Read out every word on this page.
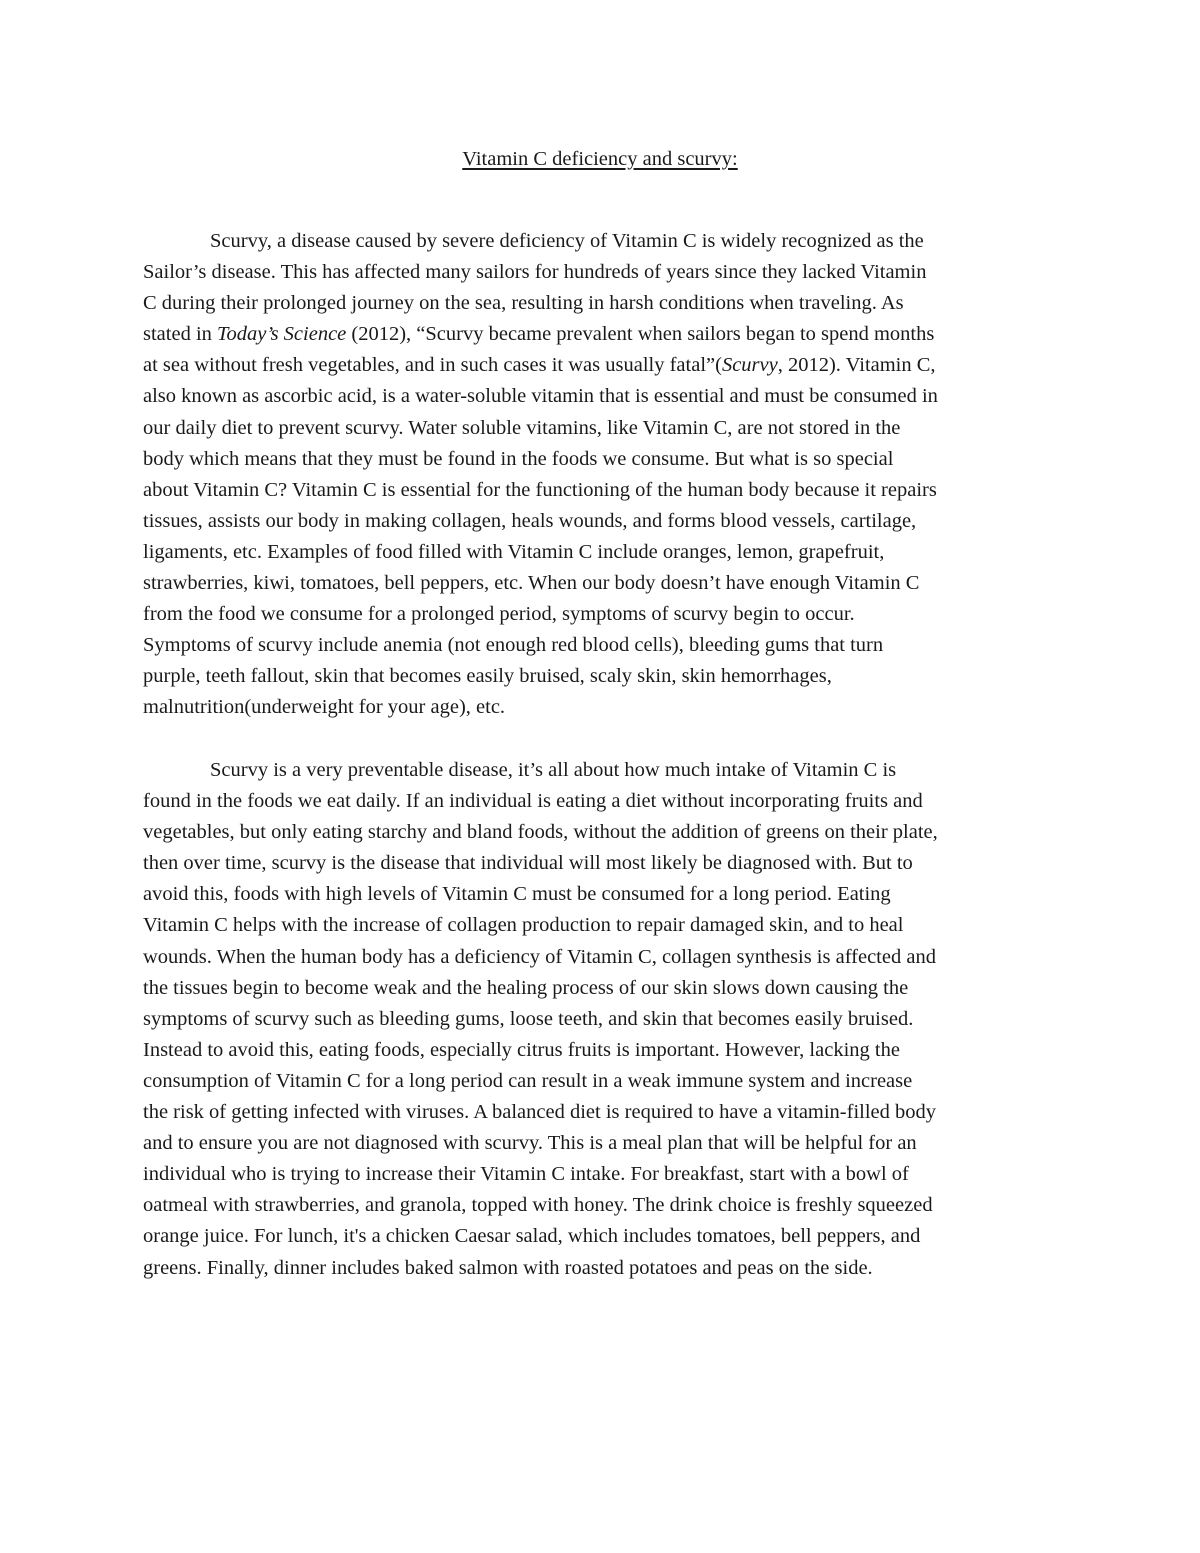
Vitamin C deficiency and scurvy:
Scurvy, a disease caused by severe deficiency of Vitamin C is widely recognized as the
Sailor’s disease. This has affected many sailors for hundreds of years since they lacked Vitamin
C during their prolonged journey on the sea, resulting in harsh conditions when traveling. As
stated in Today’s Science (2012), “Scurvy became prevalent when sailors began to spend months
at sea without fresh vegetables, and in such cases it was usually fatal”(Scurvy, 2012). Vitamin C,
also known as ascorbic acid, is a water-soluble vitamin that is essential and must be consumed in
our daily diet to prevent scurvy. Water soluble vitamins, like Vitamin C, are not stored in the
body which means that they must be found in the foods we consume. But what is so special
about Vitamin C? Vitamin C is essential for the functioning of the human body because it repairs
tissues, assists our body in making collagen, heals wounds, and forms blood vessels, cartilage,
ligaments, etc. Examples of food filled with Vitamin C include oranges, lemon, grapefruit,
strawberries, kiwi, tomatoes, bell peppers, etc. When our body doesn’t have enough Vitamin C
from the food we consume for a prolonged period, symptoms of scurvy begin to occur.
Symptoms of scurvy include anemia (not enough red blood cells), bleeding gums that turn
purple, teeth fallout, skin that becomes easily bruised, scaly skin, skin hemorrhages,
malnutrition(underweight for your age), etc.
Scurvy is a very preventable disease, it’s all about how much intake of Vitamin C is
found in the foods we eat daily. If an individual is eating a diet without incorporating fruits and
vegetables, but only eating starchy and bland foods, without the addition of greens on their plate,
then over time, scurvy is the disease that individual will most likely be diagnosed with. But to
avoid this, foods with high levels of Vitamin C must be consumed for a long period. Eating
Vitamin C helps with the increase of collagen production to repair damaged skin, and to heal
wounds. When the human body has a deficiency of Vitamin C, collagen synthesis is affected and
the tissues begin to become weak and the healing process of our skin slows down causing the
symptoms of scurvy such as bleeding gums, loose teeth, and skin that becomes easily bruised.
Instead to avoid this, eating foods, especially citrus fruits is important. However, lacking the
consumption of Vitamin C for a long period can result in a weak immune system and increase
the risk of getting infected with viruses. A balanced diet is required to have a vitamin-filled body
and to ensure you are not diagnosed with scurvy. This is a meal plan that will be helpful for an
individual who is trying to increase their Vitamin C intake. For breakfast, start with a bowl of
oatmeal with strawberries, and granola, topped with honey. The drink choice is freshly squeezed
orange juice. For lunch, it's a chicken Caesar salad, which includes tomatoes, bell peppers, and
greens. Finally, dinner includes baked salmon with roasted potatoes and peas on the side.
